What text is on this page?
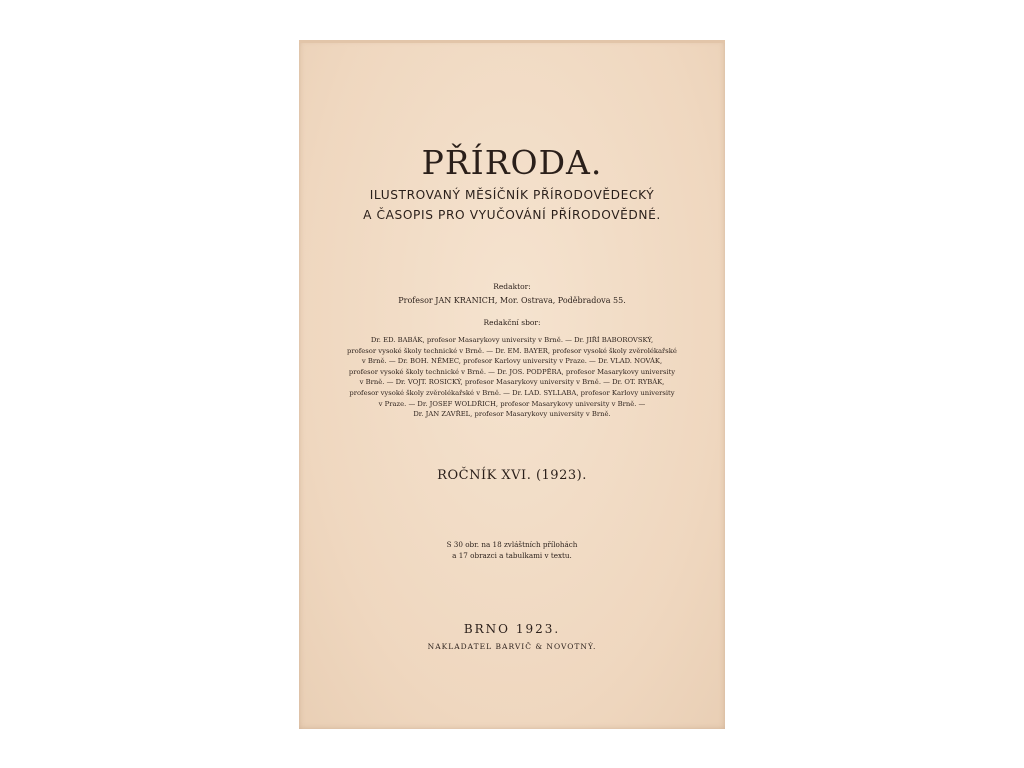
PŘÍRODA.
ILUSTROVANÝ MĚSÍČNÍK PŘÍRODOVĚDECKÝ
A ČASOPIS PRO VYUČOVÁNÍ PŘÍRODOVĚDNÉ.
Redaktor:
Profesor JAN KRANICH, Mor. Ostrava, Poděbradova 55.
Redakční sbor:
Dr. ED. BABÁK, profesor Masarykovy university v Brně. — Dr. JIŘÍ BABOROVSKÝ,
profesor vysoké školy technické v Brně. — Dr. EM. BAYER, profesor vysoké školy zvěrolékařské
v Brně. — Dr. BOH. NĚMEC, profesor Karlovy university v Praze. — Dr. VLAD. NOVÁK,
profesor vysoké školy technické v Brně. — Dr. JOS. PODPĚRA, profesor Masarykovy university
v Brně. — Dr. VOJT. ROSICKÝ, profesor Masarykovy university v Brně. — Dr. OT. RYBÁK,
profesor vysoké školy zvěrolékařské v Brně. — Dr. LAD. SYLLABA, profesor Karlovy university
v Praze. — Dr. JOSEF WOLDŘICH, profesor Masarykovy university v Brně. —
Dr. JAN ZAVŘEL, profesor Masarykovy university v Brně.
ROČNÍK XVI. (1923).
S 30 obr. na 18 zvláštních přílohách
a 17 obrazci a tabulkami v textu.
BRNO 1923.
NAKLADATEL BARVIČ & NOVOTNÝ.
